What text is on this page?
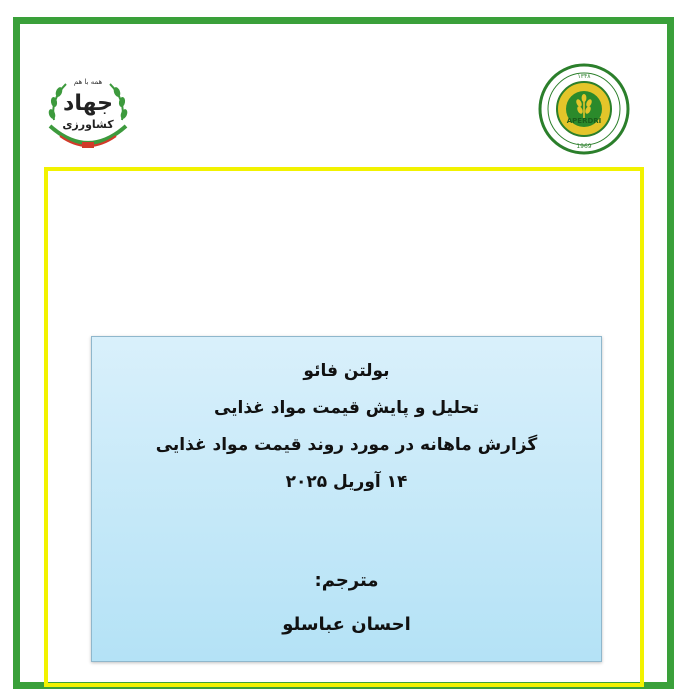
همه با هم
جهاد
کشاورزی	APERDRI
۱۳۴۸
1969
بولتن فائو
تحلیل و پایش قیمت مواد غذایی
گزارش ماهانه در مورد روند قیمت مواد غذایی
۱۴ آوریل ۲۰۲۵
مترجم:
احسان عباسلو
